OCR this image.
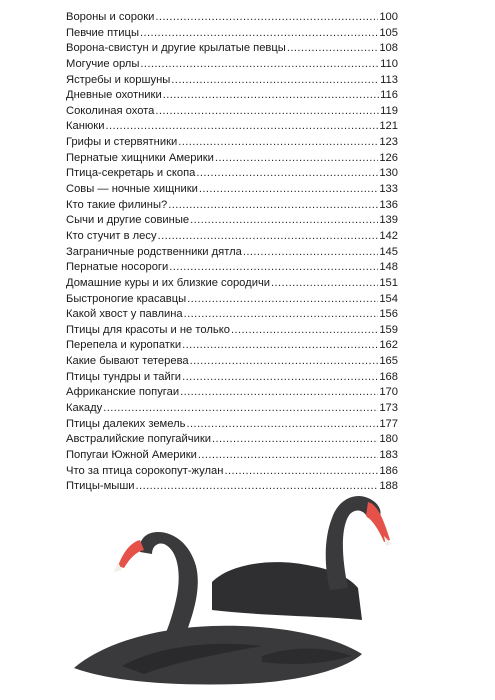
Вороны и сороки .....	100
Певчие птицы .....	105
Ворона-свистун и другие крылатые певцы .....	108
Могучие орлы .....	110
Ястребы и коршуны .....	113
Дневные охотники .....	116
Соколиная охота .....	119
Канюки .....	121
Грифы и стервятники .....	123
Пернатые хищники Америки .....	126
Птица-секретарь и скопа .....	130
Совы — ночные хищники .....	133
Кто такие филины? .....	136
Сычи и другие совиные .....	139
Кто стучит в лесу .....	142
Заграничные родственники дятла .....	145
Пернатые носороги .....	148
Домашние куры и их близкие сородичи .....	151
Быстроногие красавцы .....	154
Какой хвост у павлина .....	156
Птицы для красоты и не только .....	159
Перепела и куропатки .....	162
Какие бывают тетерева .....	165
Птицы тундры и тайги .....	168
Африканские попугаи .....	170
Какаду .....	173
Птицы далеких земель .....	177
Австралийские попугайчики .....	180
Попугаи Южной Америки .....	183
Что за птица сорокопут-жулан .....	186
Птицы-мыши .....	188
